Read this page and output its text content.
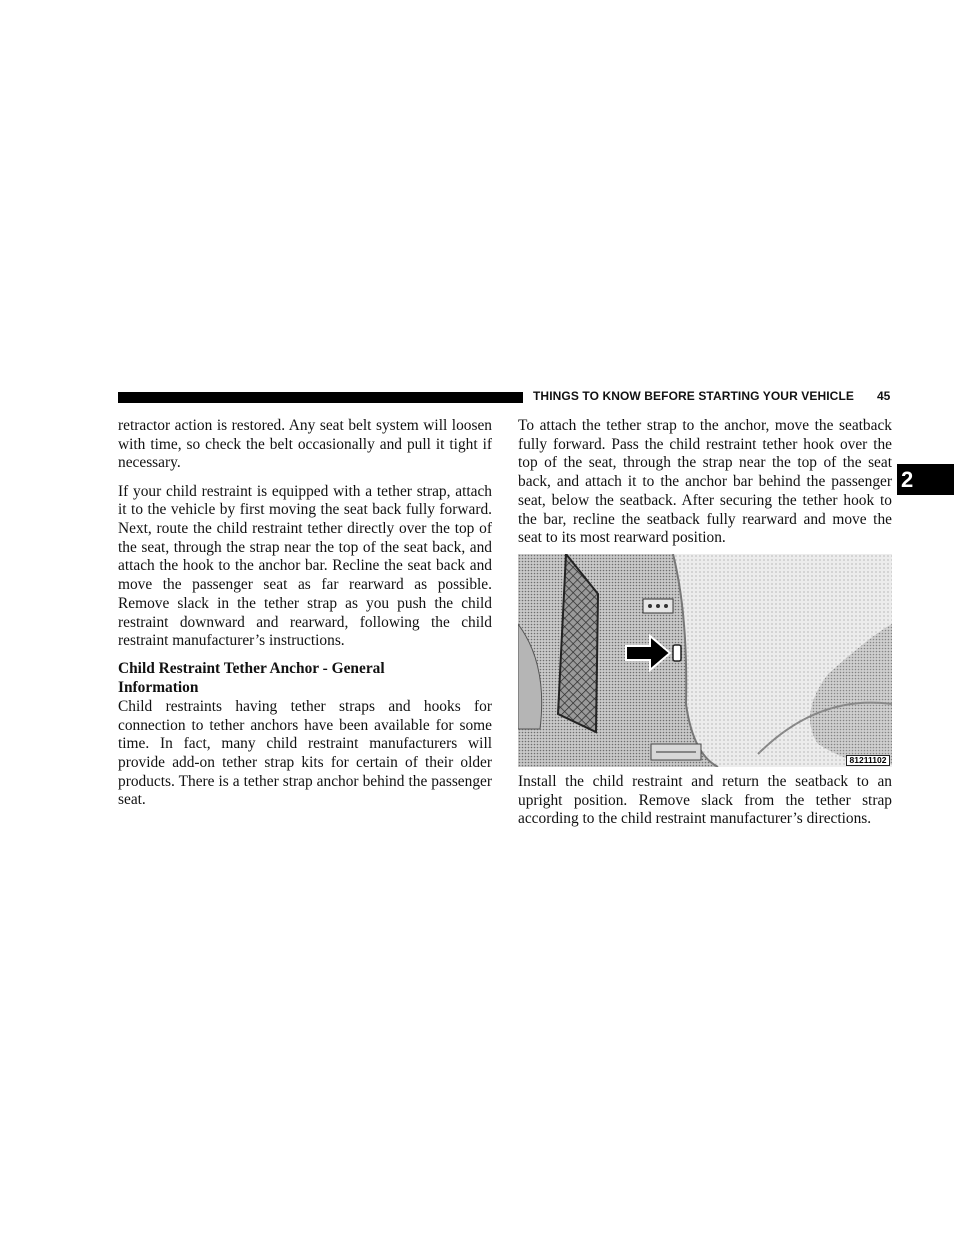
THINGS TO KNOW BEFORE STARTING YOUR VEHICLE 45
2

retractor action is restored. Any seat belt system will loosen with time, so check the belt occasionally and pull it tight if necessary.

If your child restraint is equipped with a tether strap, attach it to the vehicle by first moving the seat back fully forward. Next, route the child restraint tether directly over the top of the seat, through the strap near the top of the seat back, and attach the hook to the anchor bar. Recline the seat back and move the passenger seat as far rearward as possible. Remove slack in the tether strap as you push the child restraint downward and rearward, following the child restraint manufacturer’s instructions.

Child Restraint Tether Anchor - General
Information

Child restraints having tether straps and hooks for connection to tether anchors have been available for some time. In fact, many child restraint manufacturers will provide add-on tether strap kits for certain of their older products. There is a tether strap anchor behind the passenger seat.

To attach the tether strap to the anchor, move the seatback fully forward. Pass the child restraint tether hook over the top of the seat, through the strap near the top of the seat back, and attach it to the anchor bar behind the passenger seat, below the seatback. After securing the tether hook to the bar, recline the seatback fully rearward and move the seat to its most rearward position.

81211102

Install the child restraint and return the seatback to an upright position. Remove slack from the tether strap according to the child restraint manufacturer’s directions.
